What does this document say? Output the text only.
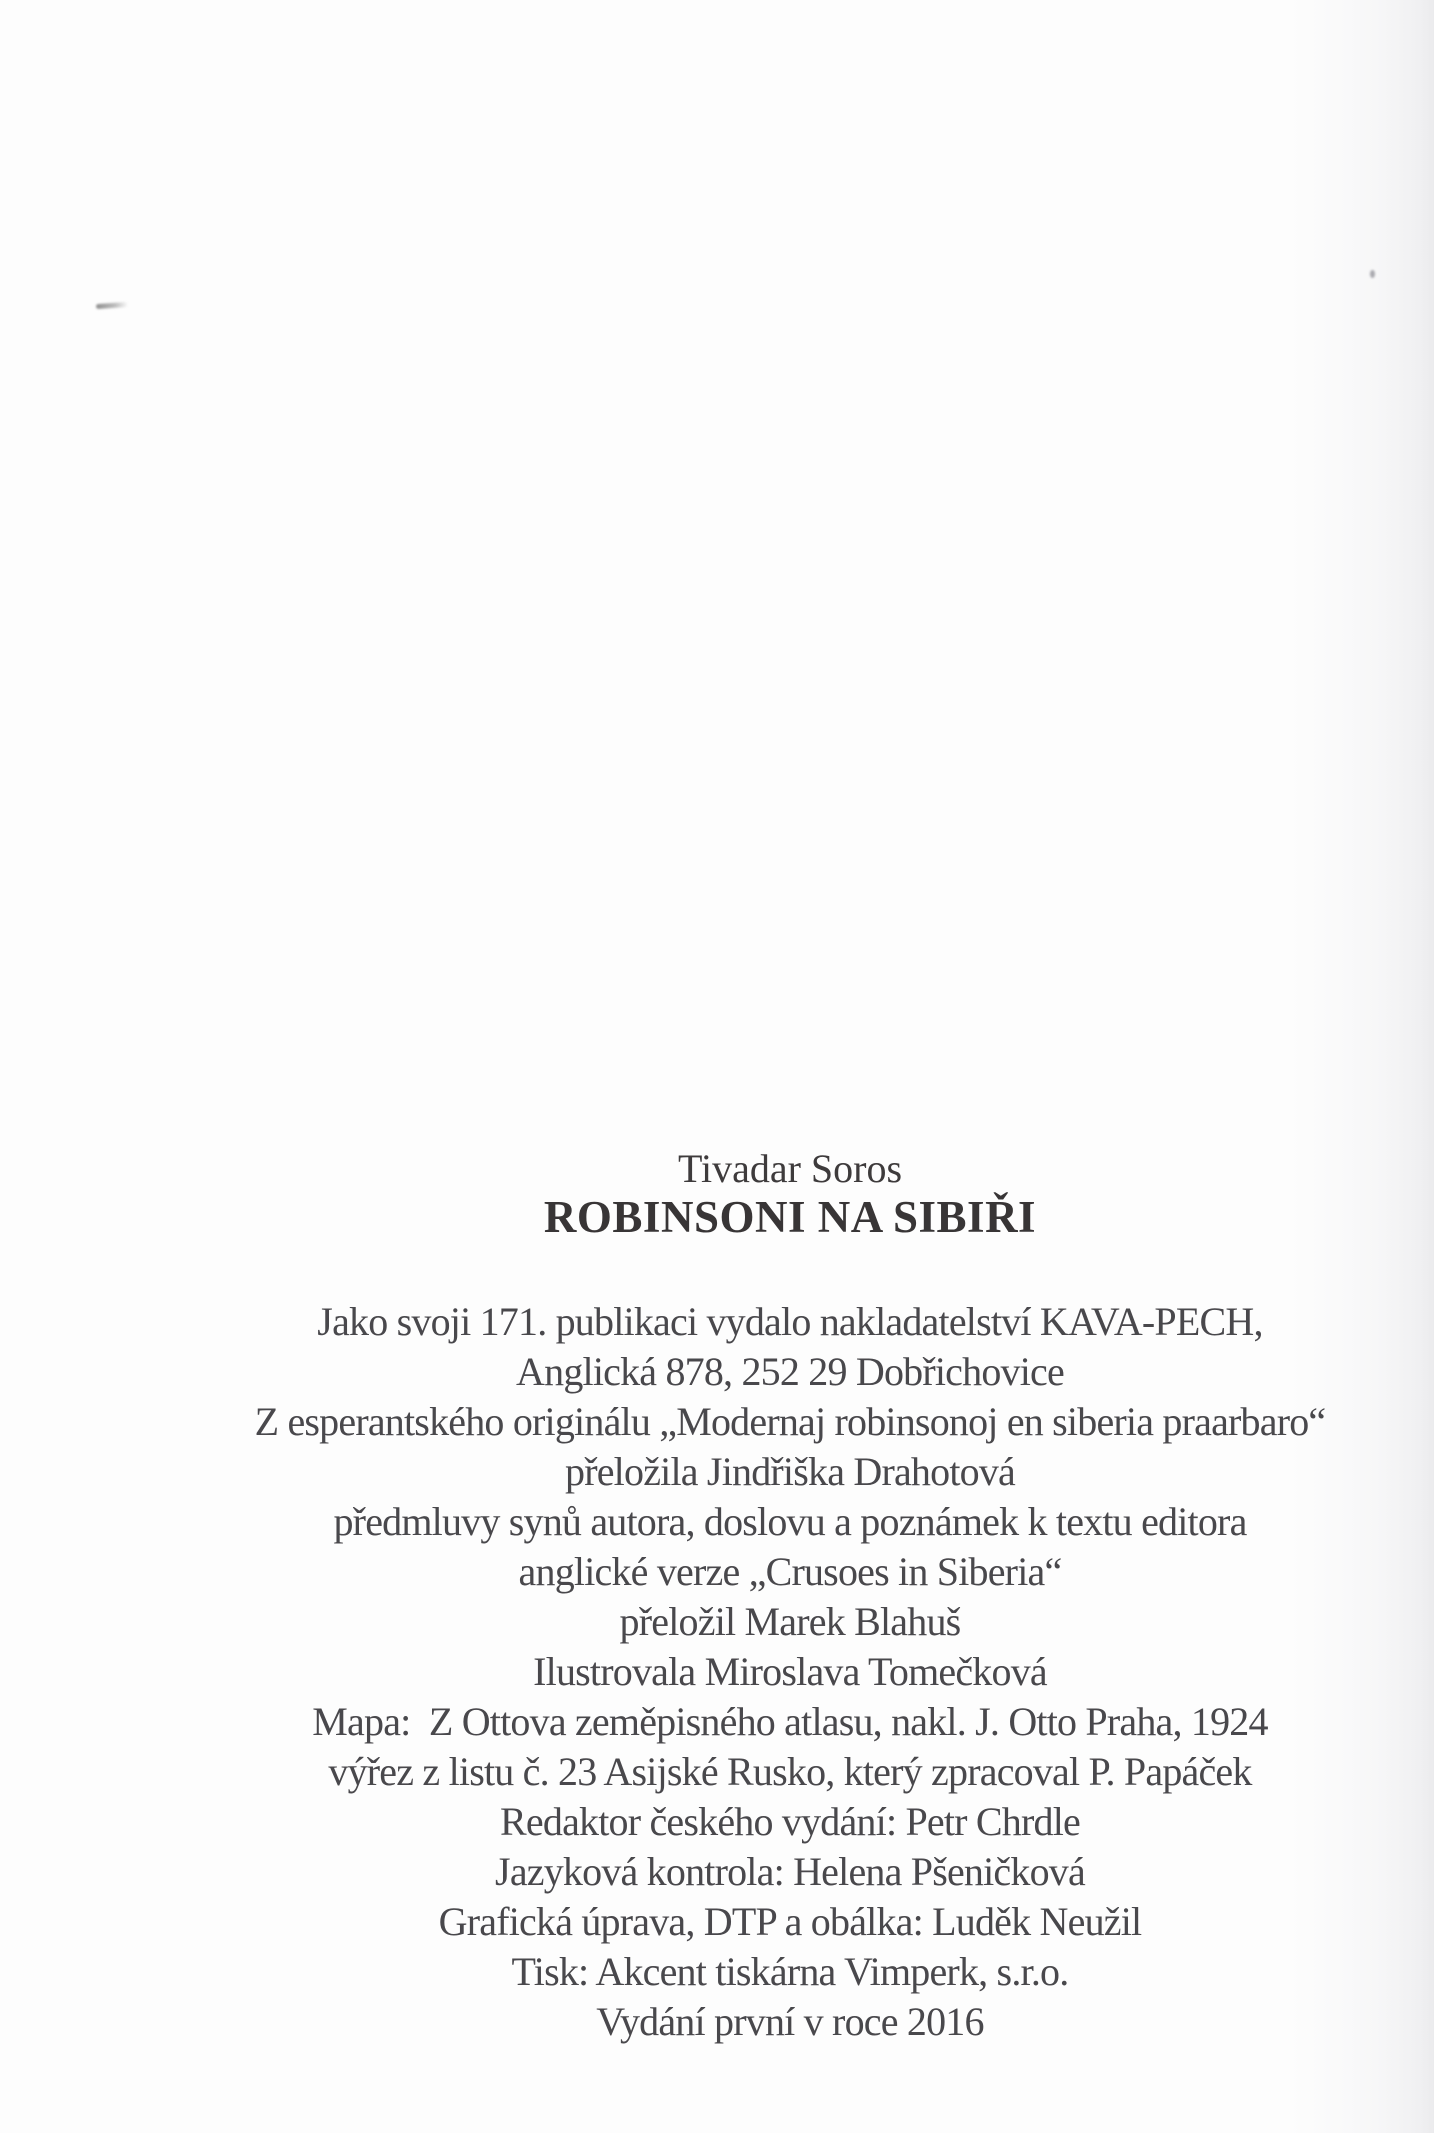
Tivadar Soros
ROBINSONI NA SIBIŘI
Jako svoji 171. publikaci vydalo nakladatelství KAVA-PECH,
Anglická 878, 252 29 Dobřichovice
Z esperantského originálu „Modernaj robinsonoj en siberia praarbaro“
přeložila Jindřiška Drahotová
předmluvy synů autora, doslovu a poznámek k textu editora
anglické verze „Crusoes in Siberia“
přeložil Marek Blahuš
Ilustrovala Miroslava Tomečková
Mapa:  Z Ottova zeměpisného atlasu, nakl. J. Otto Praha, 1924
výřez z listu č. 23 Asijské Rusko, který zpracoval P. Papáček
Redaktor českého vydání: Petr Chrdle
Jazyková kontrola: Helena Pšeničková
Grafická úprava, DTP a obálka: Luděk Neužil
Tisk: Akcent tiskárna Vimperk, s.r.o.
Vydání první v roce 2016
